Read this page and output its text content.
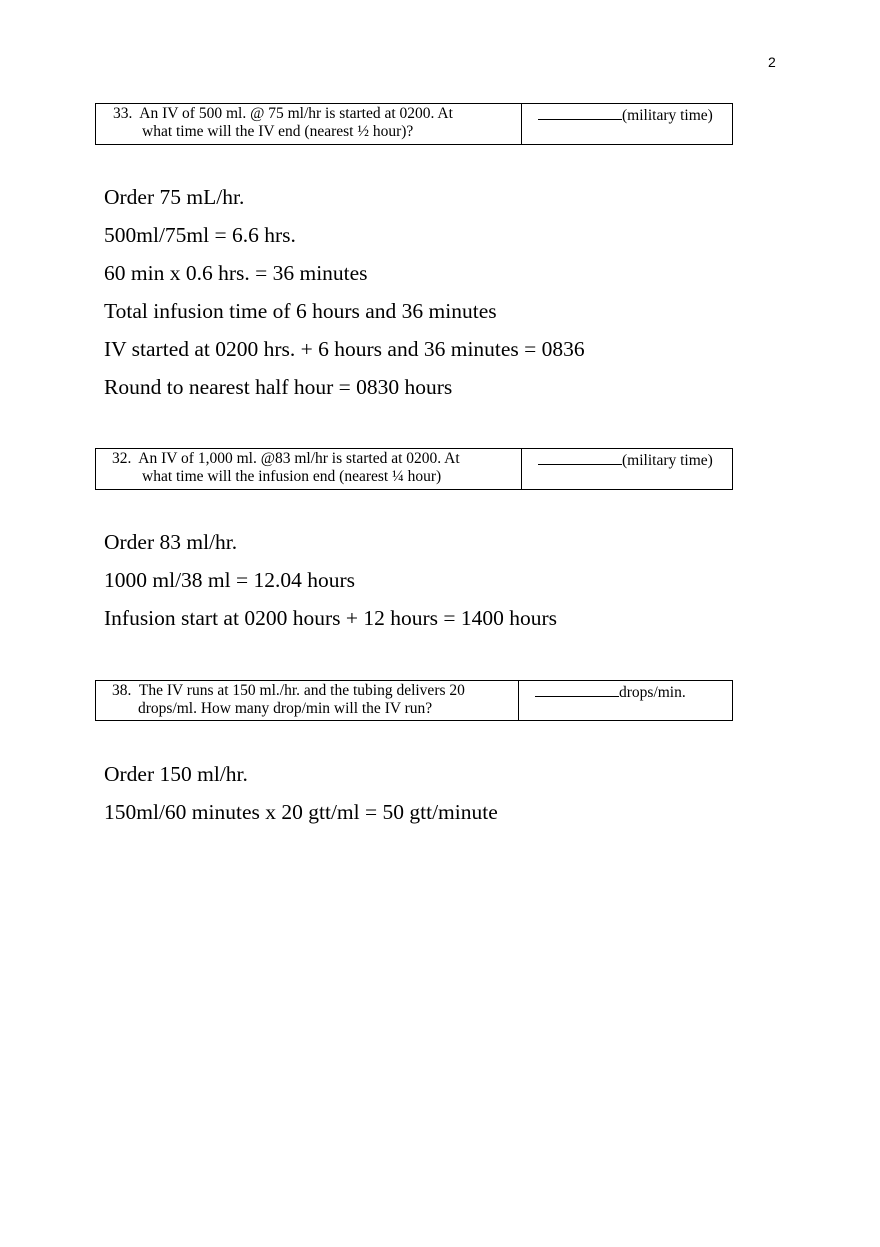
2
33. An IV of 500 ml. @ 75 ml/hr is started at 0200. At
what time will the IV end (nearest ½ hour)?
(military time)
Order 75 mL/hr.
500ml/75ml = 6.6 hrs.
60 min x 0.6 hrs. = 36 minutes
Total infusion time of 6 hours and 36 minutes
IV started at 0200 hrs. + 6 hours and 36 minutes = 0836
Round to nearest half hour = 0830 hours
32. An IV of 1,000 ml. @83 ml/hr is started at 0200. At
what time will the infusion end (nearest ¼ hour)
(military time)
Order 83 ml/hr.
1000 ml/38 ml = 12.04 hours
Infusion start at 0200 hours + 12 hours = 1400 hours
38. The IV runs at 150 ml./hr. and the tubing delivers 20
drops/ml. How many drop/min will the IV run?
drops/min.
Order 150 ml/hr.
150ml/60 minutes x 20 gtt/ml = 50 gtt/minute
